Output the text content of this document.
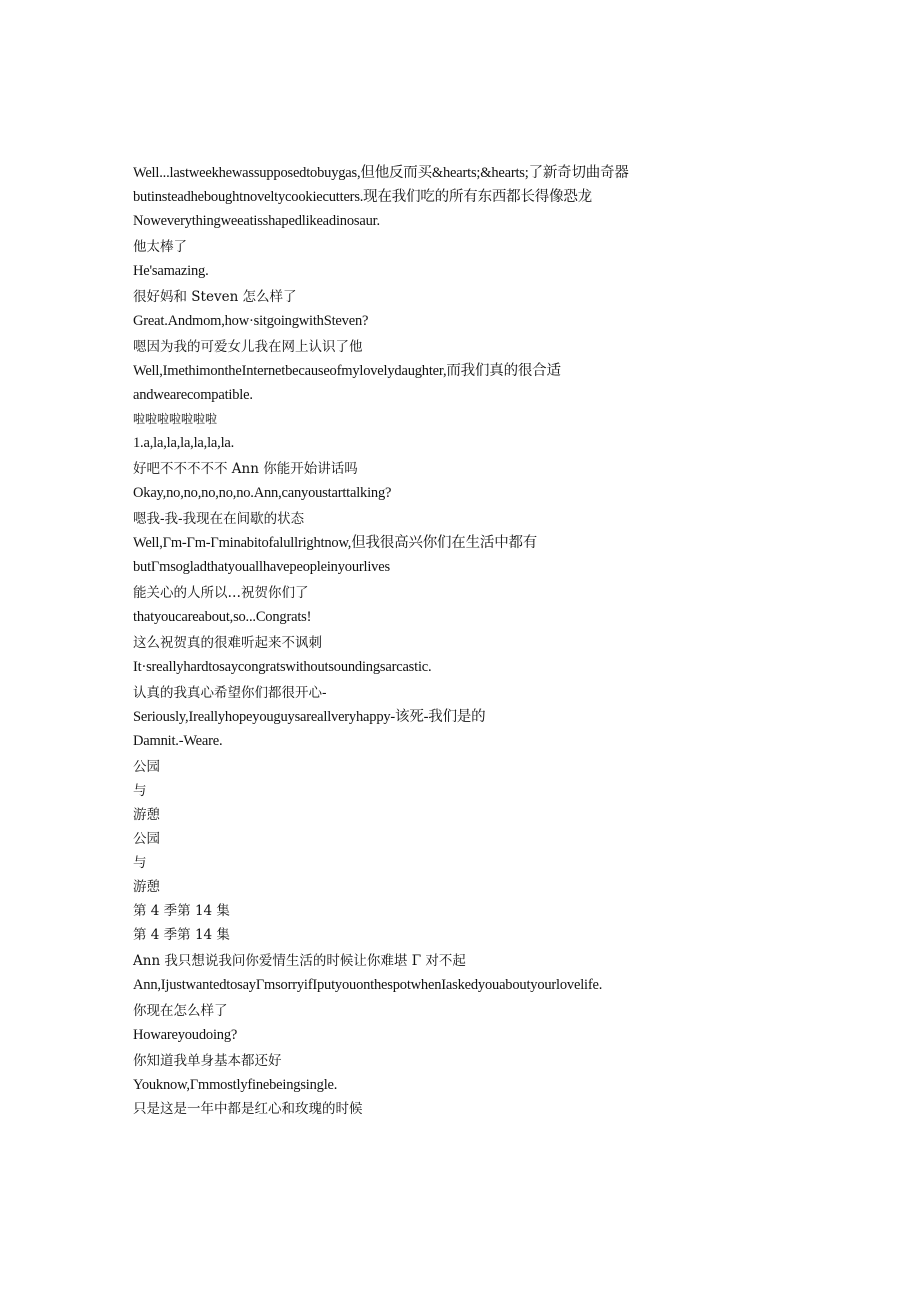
Well...lastweekhewassupposedtobuygas,但他反而买&hearts;&hearts;了新奇切曲奇器
butinsteadheboughtnoveltycookiecutters.现在我们吃的所有东西都长得像恐龙
Noweverythingweeatisshapedlikeadinosaur.
他太棒了
He'samazing.
很好妈和 Steven 怎么样了
Great.Andmom,how·sitgoingwithSteven?
嗯因为我的可爱女儿我在网上认识了他
Well,ImethimontheInternetbecauseofmylovelydaughter,而我们真的很合适
andwearecompatible.
啦啦啦啦啦啦啦
1.a,la,la,la,la,la,la.
好吧不不不不不 Ann 你能开始讲话吗
Okay,no,no,no,no,no.Ann,canyoustarttalking?
嗯我-我-我现在在间歇的状态
Well,Γm-Γm-Γminabitofalullrightnow,但我很高兴你们在生活中都有
butΓmsogladthatyouallhavepeopleinyourlives
能关心的人所以…祝贺你们了
thatyoucareabout,so...Congrats!
这么祝贺真的很难听起来不讽刺
It·sreallyhardtosaycongratswithoutsoundingsarcastic.
认真的我真心希望你们都很开心-
Seriously,Ireallyhopeyouguysareallveryhappy-该死-我们是的
Damnit.-Weare.
公园
与
游憩
公园
与
游憩
第 4 季第 14 集
第 4 季第 14 集
Ann 我只想说我问你爱情生活的时候让你难堪 Γ 对不起
Ann,IjustwantedtosayΓmsorryifIputyouonthespotwhenIaskedyouaboutyourlovelife.
你现在怎么样了
Howareyoudoing?
你知道我单身基本都还好
Youknow,Γmmostlyfinebeingsingle.
只是这是一年中都是红心和玫瑰的时候
